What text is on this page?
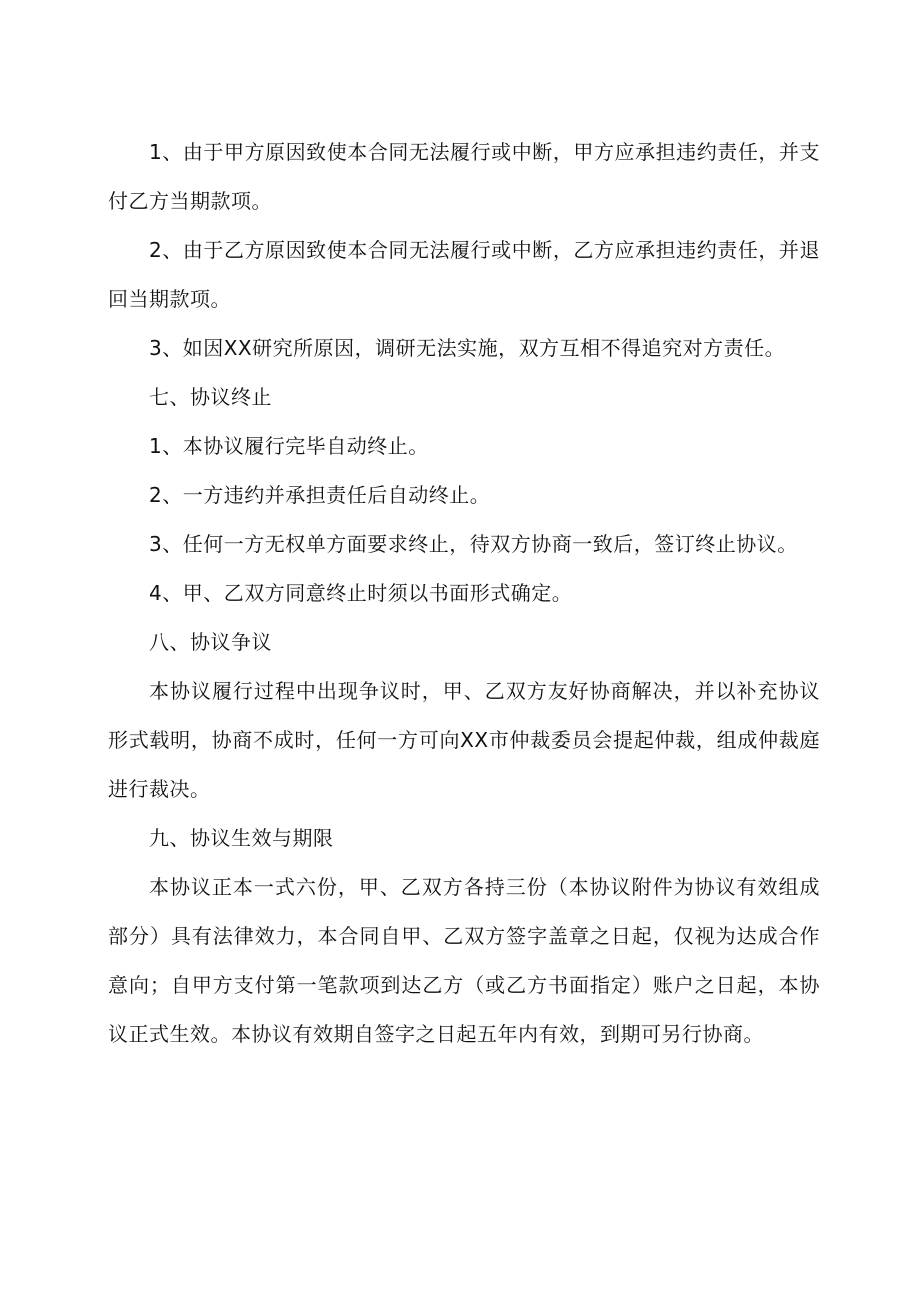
1、由于甲方原因致使本合同无法履行或中断，甲方应承担违约责任，并支付乙方当期款项。

2、由于乙方原因致使本合同无法履行或中断，乙方应承担违约责任，并退回当期款项。

3、如因XX研究所原因，调研无法实施，双方互相不得追究对方责任。

七、协议终止

1、本协议履行完毕自动终止。

2、一方违约并承担责任后自动终止。

3、任何一方无权单方面要求终止，待双方协商一致后，签订终止协议。

4、甲、乙双方同意终止时须以书面形式确定。

八、协议争议

本协议履行过程中出现争议时，甲、乙双方友好协商解决，并以补充协议形式载明，协商不成时，任何一方可向XX市仲裁委员会提起仲裁，组成仲裁庭进行裁决。

九、协议生效与期限

本协议正本一式六份，甲、乙双方各持三份（本协议附件为协议有效组成部分）具有法律效力，本合同自甲、乙双方签字盖章之日起，仅视为达成合作意向；自甲方支付第一笔款项到达乙方（或乙方书面指定）账户之日起，本协议正式生效。本协议有效期自签字之日起五年内有效，到期可另行协商。
